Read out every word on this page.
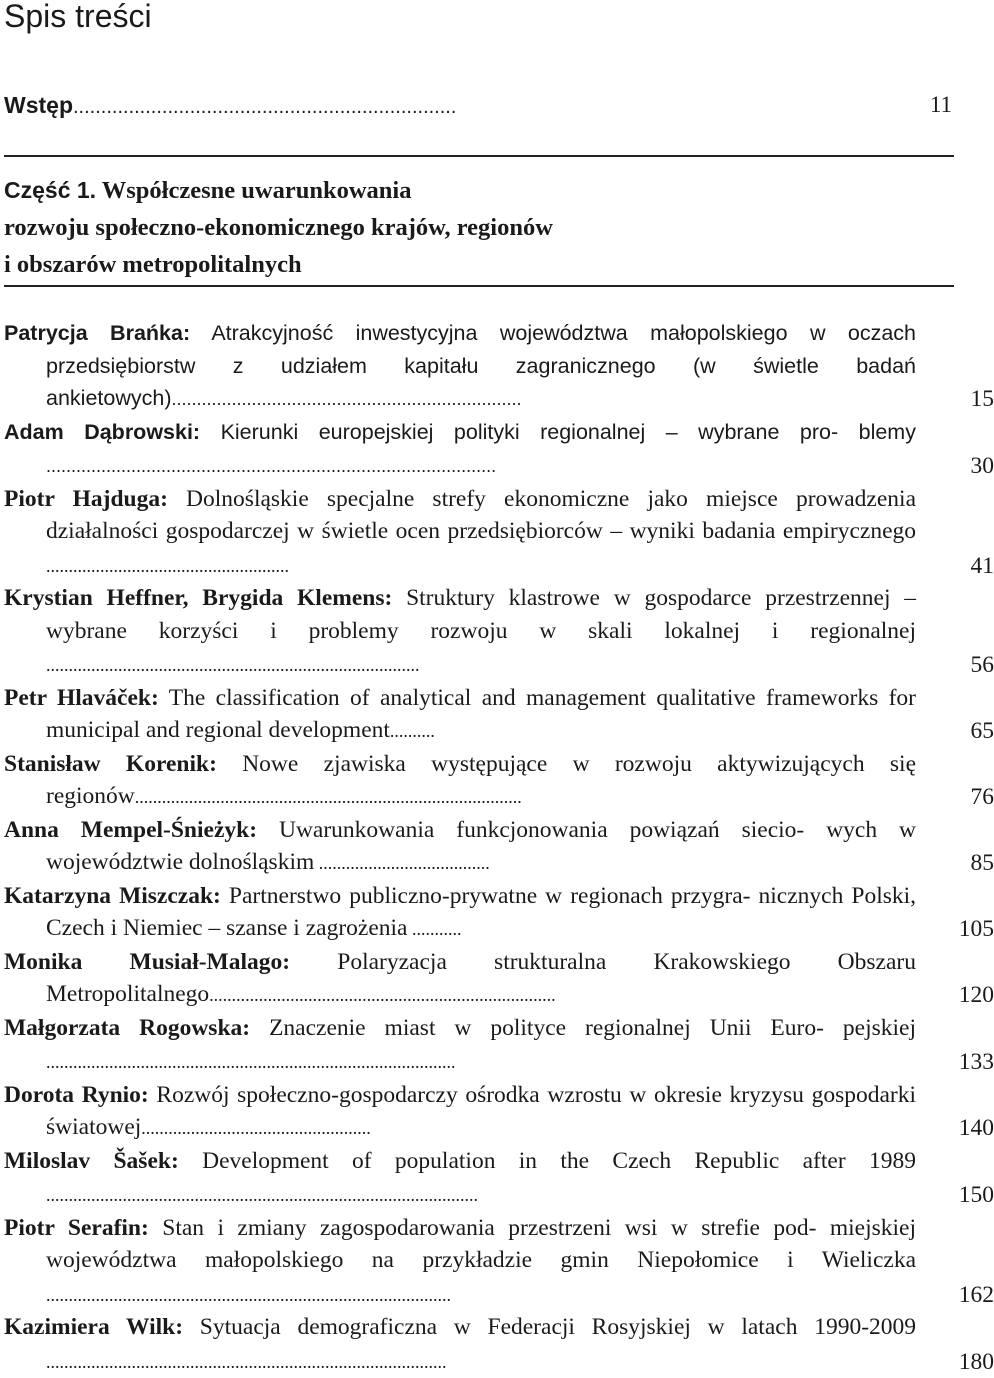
Spis treści
Wstęp.....................................................................	11
Część 1. Współczesne uwarunkowania
rozwoju społeczno-ekonomicznego krajów, regionów
i obszarów metropolitalnych
Patrycja Brańka: Atrakcyjność inwestycyjna województwa małopolskiego w oczach przedsiębiorstw z udziałem kapitału zagranicznego (w świetle badań ankietowych)......................................................................	15
Adam Dąbrowski: Kierunki europejskiej polityki regionalnej – wybrane pro- blemy ..........................................................................................	30
Piotr Hajduga: Dolnośląskie specjalne strefy ekonomiczne jako miejsce prowadzenia działalności gospodarczej w świetle ocen przedsiębiorców – wyniki badania empirycznego ......................................................	41
Krystian Heffner, Brygida Klemens: Struktury klastrowe w gospodarce przestrzennej – wybrane korzyści i problemy rozwoju w skali lokalnej i regionalnej ...................................................................................	56
Petr Hlaváček: The classification of analytical and management qualitative frameworks for municipal and regional development..........	65
Stanisław Korenik: Nowe zjawiska występujące w rozwoju aktywizujących się regionów......................................................................................	76
Anna Mempel-Śnieżyk: Uwarunkowania funkcjonowania powiązań siecio- wych w województwie dolnośląskim ......................................	85
Katarzyna Miszczak: Partnerstwo publiczno-prywatne w regionach przygra- nicznych Polski, Czech i Niemiec – szanse i zagrożenia ...........	105
Monika Musiał-Malago: Polaryzacja strukturalna Krakowskiego Obszaru Metropolitalnego.............................................................................	120
Małgorzata Rogowska: Znaczenie miast w polityce regionalnej Unii Euro- pejskiej ...........................................................................................	133
Dorota Rynio: Rozwój społeczno-gospodarczy ośrodka wzrostu w okresie kryzysu gospodarki światowej...................................................	140
Miloslav Šašek: Development of population in the Czech Republic after 1989 ................................................................................................	150
Piotr Serafin: Stan i zmiany zagospodarowania przestrzeni wsi w strefie pod- miejskiej województwa małopolskiego na przykładzie gmin Niepołomice i Wieliczka ..........................................................................................	162
Kazimiera Wilk: Sytuacja demograficzna w Federacji Rosyjskiej w latach 1990-2009 .........................................................................................	180
